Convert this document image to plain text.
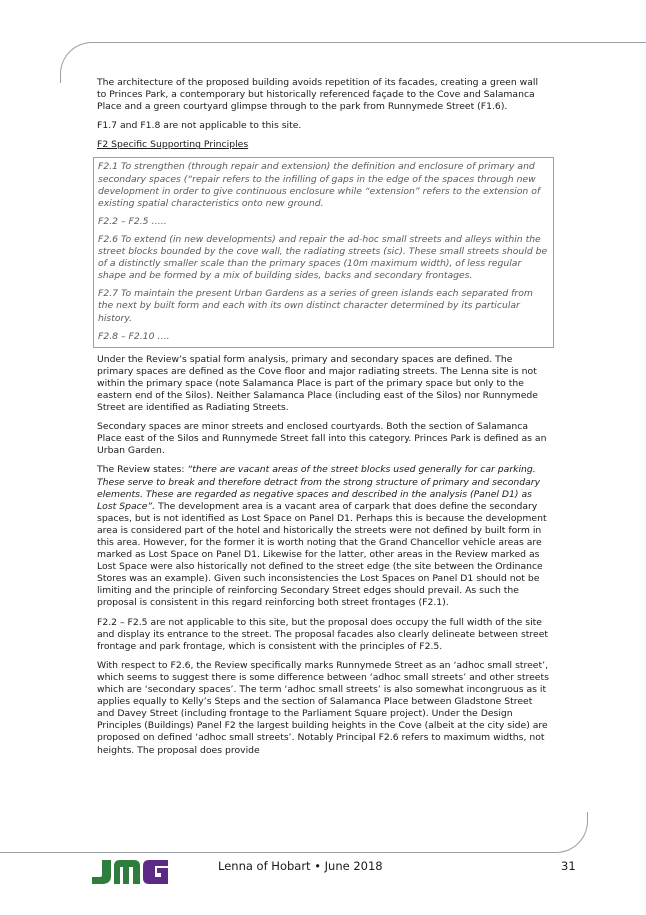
The architecture of the proposed building avoids repetition of its facades, creating a green wall to Princes Park, a contemporary but historically referenced façade to the Cove and Salamanca Place and a green courtyard glimpse through to the park from Runnymede Street (F1.6).

F1.7 and F1.8 are not applicable to this site.

F2 Specific Supporting Principles

F2.1 To strengthen (through repair and extension) the definition and enclosure of primary and secondary spaces (“repair refers to the infilling of gaps in the edge of the spaces through new development in order to give continuous enclosure while “extension” refers to the extension of existing spatial characteristics onto new ground.

F2.2 – F2.5 …..

F2.6 To extend (in new developments) and repair the ad-hoc small streets and alleys within the street blocks bounded by the cove wall, the radiating streets (sic). These small streets should be of a distinctly smaller scale than the primary spaces (10m maximum width), of less regular shape and be formed by a mix of building sides, backs and secondary frontages.

F2.7 To maintain the present Urban Gardens as a series of green islands each separated from the next by built form and each with its own distinct character determined by its particular history.

F2.8 – F2.10 ….

Under the Review’s spatial form analysis, primary and secondary spaces are defined. The primary spaces are defined as the Cove floor and major radiating streets. The Lenna site is not within the primary space (note Salamanca Place is part of the primary space but only to the eastern end of the Silos). Neither Salamanca Place (including east of the Silos) nor Runnymede Street are identified as Radiating Streets.

Secondary spaces are minor streets and enclosed courtyards. Both the section of Salamanca Place east of the Silos and Runnymede Street fall into this category. Princes Park is defined as an Urban Garden.

The Review states: “there are vacant areas of the street blocks used generally for car parking. These serve to break and therefore detract from the strong structure of primary and secondary elements. These are regarded as negative spaces and described in the analysis (Panel D1) as Lost Space”. The development area is a vacant area of carpark that does define the secondary spaces, but is not identified as Lost Space on Panel D1. Perhaps this is because the development area is considered part of the hotel and historically the streets were not defined by built form in this area. However, for the former it is worth noting that the Grand Chancellor vehicle areas are marked as Lost Space on Panel D1. Likewise for the latter, other areas in the Review marked as Lost Space were also historically not defined to the street edge (the site between the Ordinance Stores was an example). Given such inconsistencies the Lost Spaces on Panel D1 should not be limiting and the principle of reinforcing Secondary Street edges should prevail. As such the proposal is consistent in this regard reinforcing both street frontages (F2.1).

F2.2 – F2.5 are not applicable to this site, but the proposal does occupy the full width of the site and display its entrance to the street. The proposal facades also clearly delineate between street frontage and park frontage, which is consistent with the principles of F2.5.

With respect to F2.6, the Review specifically marks Runnymede Street as an ‘adhoc small street’, which seems to suggest there is some difference between ‘adhoc small streets’ and other streets which are ‘secondary spaces’. The term ‘adhoc small streets’ is also somewhat incongruous as it applies equally to Kelly’s Steps and the section of Salamanca Place between Gladstone Street and Davey Street (including frontage to the Parliament Square project). Under the Design Principles (Buildings) Panel F2 the largest building heights in the Cove (albeit at the city side) are proposed on defined ‘adhoc small streets’. Notably Principal F2.6 refers to maximum widths, not heights. The proposal does provide

Lenna of Hobart • June 2018	31
